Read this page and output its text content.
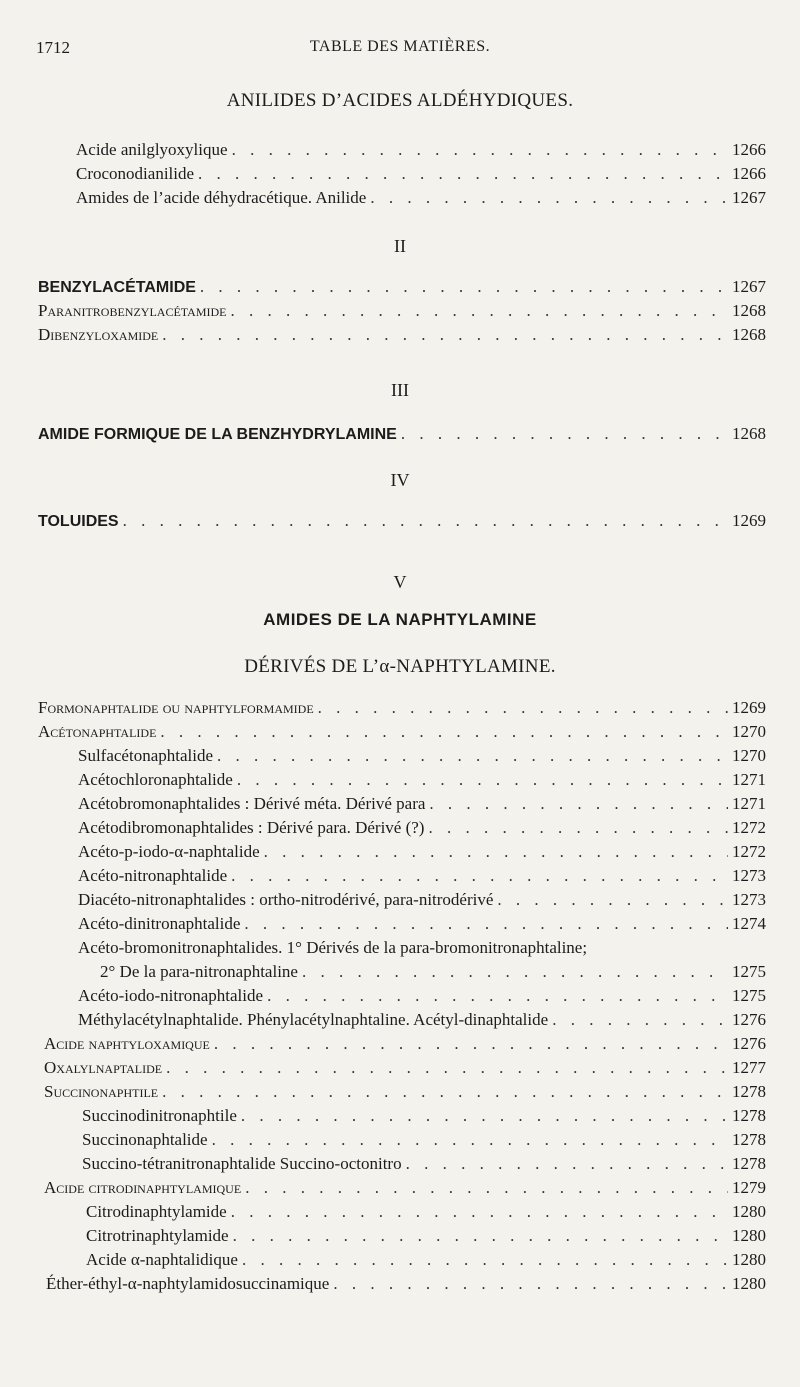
1712	TABLE DES MATIÈRES.
ANILIDES D’ACIDES ALDÉHYDIQUES.
Acide anilglyoxylique . . .	1266
Croconodianilide . . .	1266
Amides de l’acide déhydracétique. Anilide . . .	1267
II
BENZYLACÉTAMIDE . . .	1267
Paranitrobenzylacétamide . . .	1268
Dibenzyloxamide . . .	1268
III
AMIDE FORMIQUE DE LA BENZHYDRYLAMINE . . .	1268
IV
TOLUIDES . . .	1269
V
AMIDES DE LA NAPHTYLAMINE
DÉRIVÉS DE L’α-NAPHTYLAMINE.
Formonaphtalide ou naphtylformamide . . .	1269
Acétonaphtalide . . .	1270
Sulfacétonaphtalide . . .	1270
Acétochloronaphtalide . . .	1271
Acétobromonaphtalides : Dérivé méta. Dérivé para . . .	1271
Acétodibromonaphtalides : Dérivé para. Dérivé (?) . . .	1272
Acéto-p-iodo-α-naphtalide . . .	1272
Acéto-nitronaphtalide . . .	1273
Diacéto-nitronaphtalides : ortho-nitrodérivé, para-nitrodérivé . . .	1273
Acéto-dinitronaphtalide . . .	1274
Acéto-bromonitronaphtalides. 1° Dérivés de la para-bromonitronaphtaline;
2° De la para-nitronaphtaline . . .	1275
Acéto-iodo-nitronaphtalide . . .	1275
Méthylacétylnaphtalide. Phénylacétylnaphtaline. Acétyl-dinaphtalide . . .	1276
Acide naphtyloxamique . . .	1276
Oxalylnaptalide . . .	1277
Succinonaphtile . . .	1278
Succinodinitronaphtile . . .	1278
Succinonaphtalide . . .	1278
Succino-tétranitronaphtalide Succino-octonitro . . .	1278
Acide citrodinaphtylamique . . .	1279
Citrodinaphtylamide . . .	1280
Citrotrinaphtylamide . . .	1280
Acide α-naphtalidique . . .	1280
Éther-éthyl-α-naphtylamidosuccinamique . . .	1280
